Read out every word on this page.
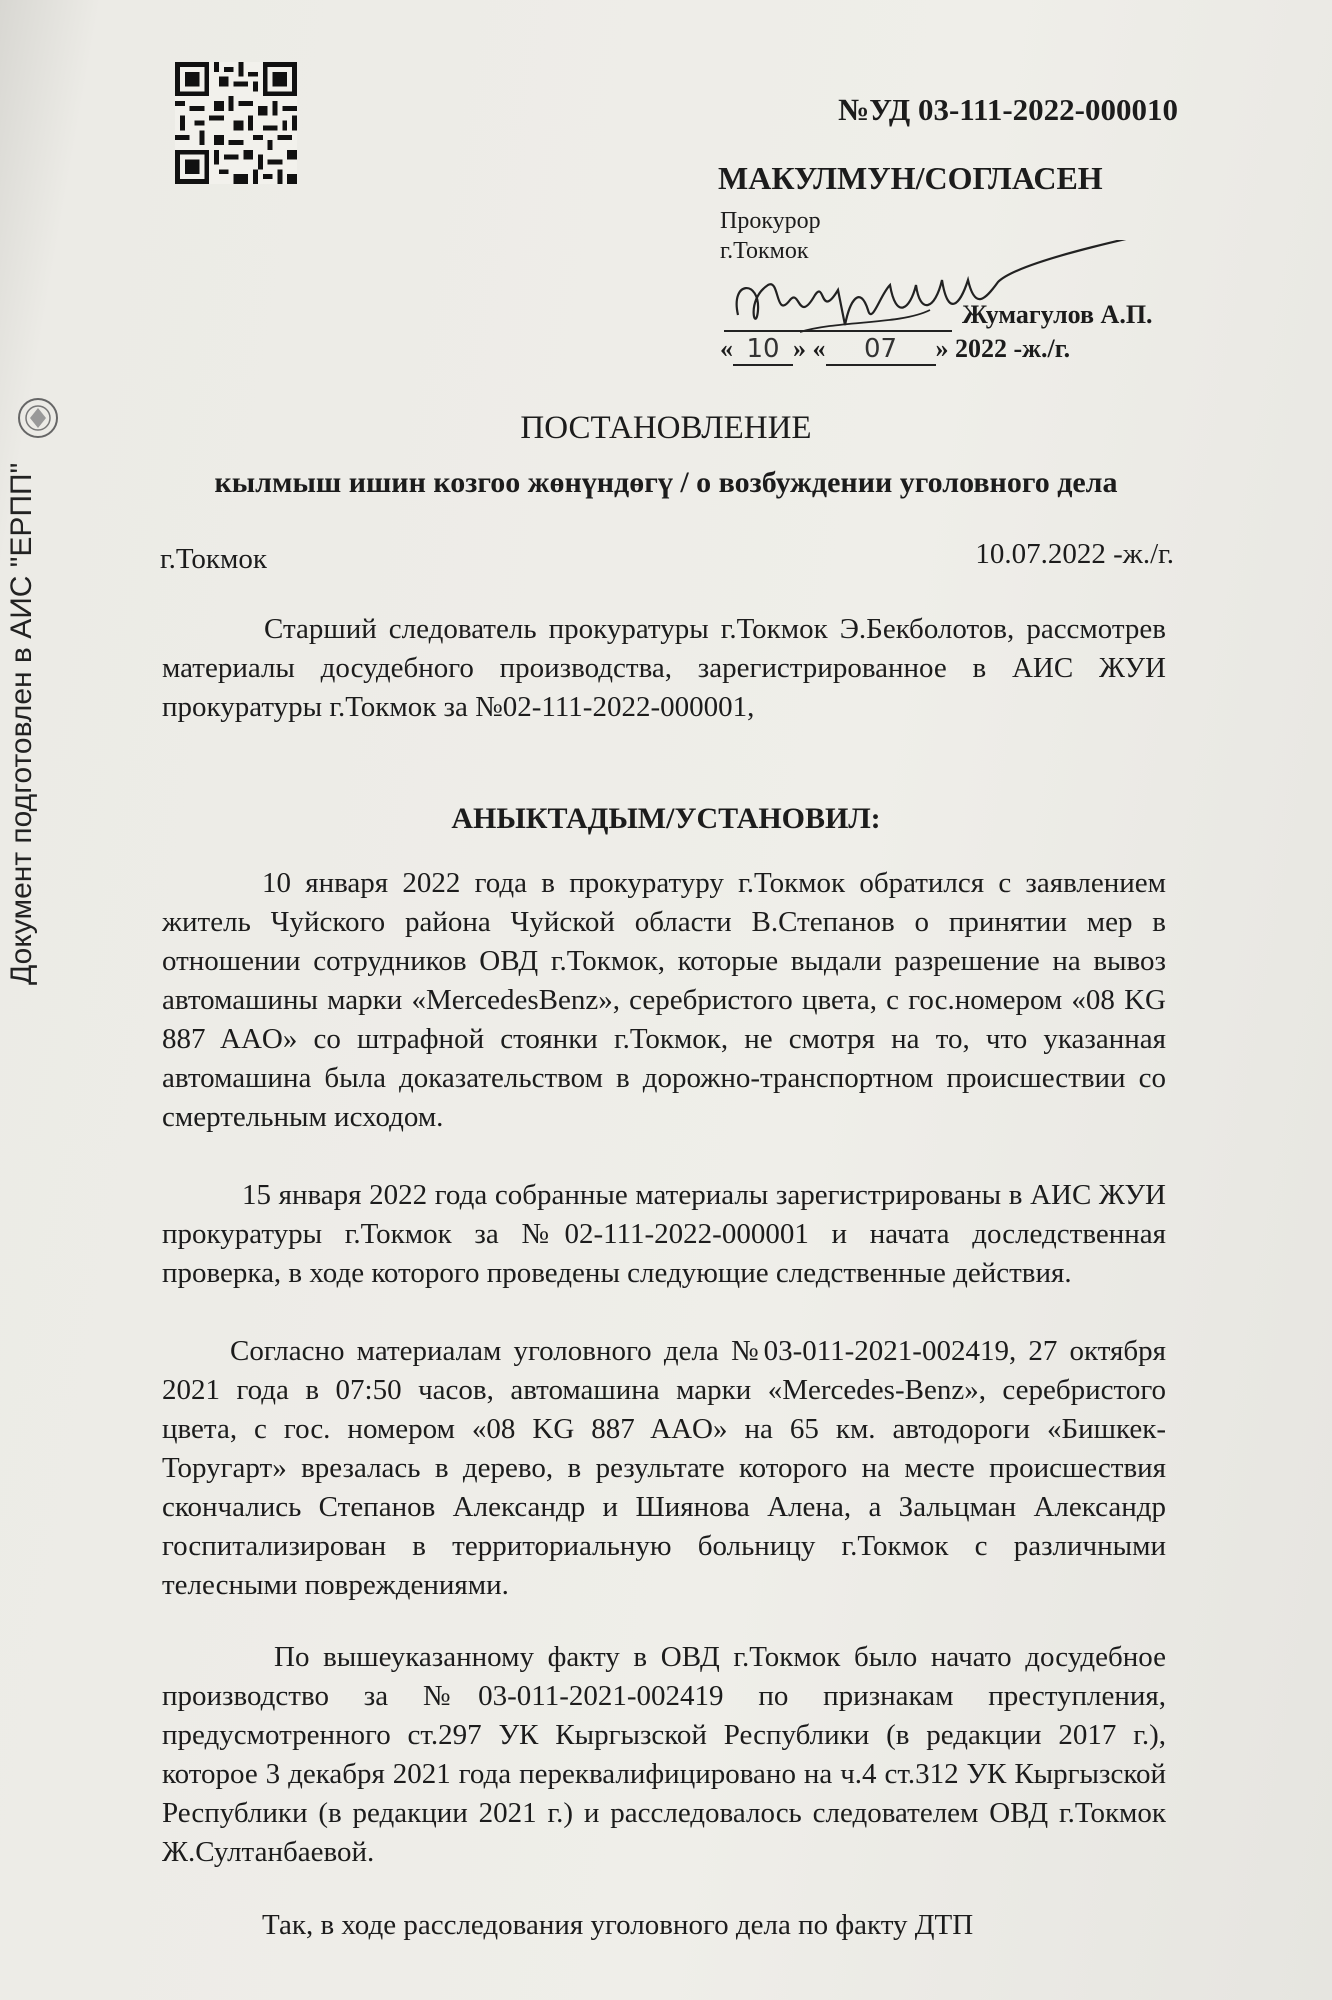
Документ подготовлен в АИС "ЕРПП"
№УД 03-111-2022-000010
МАКУЛМУН/СОГЛАСЕН
Прокурор
г.Токмок
Жумагулов А.П.
« 10 » « 07 » 2022 -ж./г.
ПОСТАНОВЛЕНИЕ
кылмыш ишин козгоо жөнүндөгү / о возбуждении уголовного дела
г.Токмок	10.07.2022 -ж./г.
Старший следователь прокуратуры г.Токмок Э.Бекболотов, рассмотрев материалы досудебного производства, зарегистрированное в АИС ЖУИ прокуратуры г.Токмок за №02-111-2022-000001,
АНЫКТАДЫМ/УСТАНОВИЛ:
10 января 2022 года в прокуратуру г.Токмок обратился с заявлением житель Чуйского района Чуйской области В.Степанов о принятии мер в отношении сотрудников ОВД г.Токмок, которые выдали разрешение на вывоз автомашины марки «MercedesBenz», серебристого цвета, с гос.номером «08 KG 887 AAO» со штрафной стоянки г.Токмок, не смотря на то, что указанная автомашина была доказательством в дорожно-транспортном происшествии со смертельным исходом.
15 января 2022 года собранные материалы зарегистрированы в АИС ЖУИ прокуратуры г.Токмок за №02-111-2022-000001 и начата доследственная проверка, в ходе которого проведены следующие следственные действия.
Согласно материалам уголовного дела №03-011-2021-002419, 27 октября 2021 года в 07:50 часов, автомашина марки «Mercedes-Benz», серебристого цвета, с гос. номером «08 KG 887 AAO» на 65 км. автодороги «Бишкек-Торугарт» врезалась в дерево, в результате которого на месте происшествия скончались Степанов Александр и Шиянова Алена, а Зальцман Александр госпитализирован в территориальную больницу г.Токмок с различными телесными повреждениями.
По вышеуказанному факту в ОВД г.Токмок было начато досудебное производство за №03-011-2021-002419 по признакам преступления, предусмотренного ст.297 УК Кыргызской Республики (в редакции 2017 г.), которое 3 декабря 2021 года переквалифицировано на ч.4 ст.312 УК Кыргызской Республики (в редакции 2021 г.) и расследовалось следователем ОВД г.Токмок Ж.Султанбаевой.
Так, в ходе расследования уголовного дела по факту ДТП
